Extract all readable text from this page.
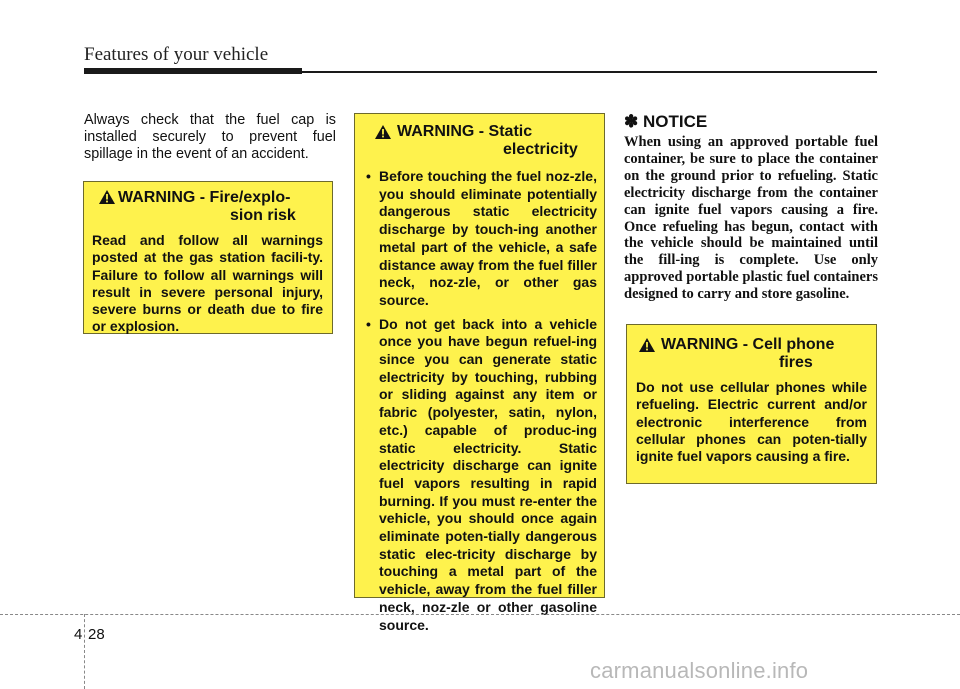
Features of your vehicle
Always check that the fuel cap is installed securely to prevent fuel spillage in the event of an accident.
WARNING - Fire/explo-
sion risk
Read and follow all warnings posted at the gas station facili-ty. Failure to follow all warnings will result in severe personal injury, severe burns or death due to fire or explosion.
WARNING - Static
electricity
• Before touching the fuel noz-zle, you should eliminate potentially dangerous static electricity discharge by touch-ing another metal part of the vehicle, a safe distance away from the fuel filler neck, noz-zle, or other gas source.
• Do not get back into a vehicle once you have begun refuel-ing since you can generate static electricity by touching, rubbing or sliding against any item or fabric (polyester, satin, nylon, etc.) capable of produc-ing static electricity. Static electricity discharge can ignite fuel vapors resulting in rapid burning. If you must re-enter the vehicle, you should once again eliminate poten-tially dangerous static elec-tricity discharge by touching a metal part of the vehicle, away from the fuel filler neck, noz-zle or other gasoline source.
✽ NOTICE
When using an approved portable fuel container, be sure to place the container on the ground prior to refueling. Static electricity discharge from the container can ignite fuel vapors causing a fire. Once refueling has begun, contact with the vehicle should be maintained until the fill-ing is complete. Use only approved portable plastic fuel containers designed to carry and store gasoline.
WARNING - Cell phone
fires
Do not use cellular phones while refueling. Electric current and/or electronic interference from cellular phones can poten-tially ignite fuel vapors causing a fire.
4 28
carmanualsonline.info
